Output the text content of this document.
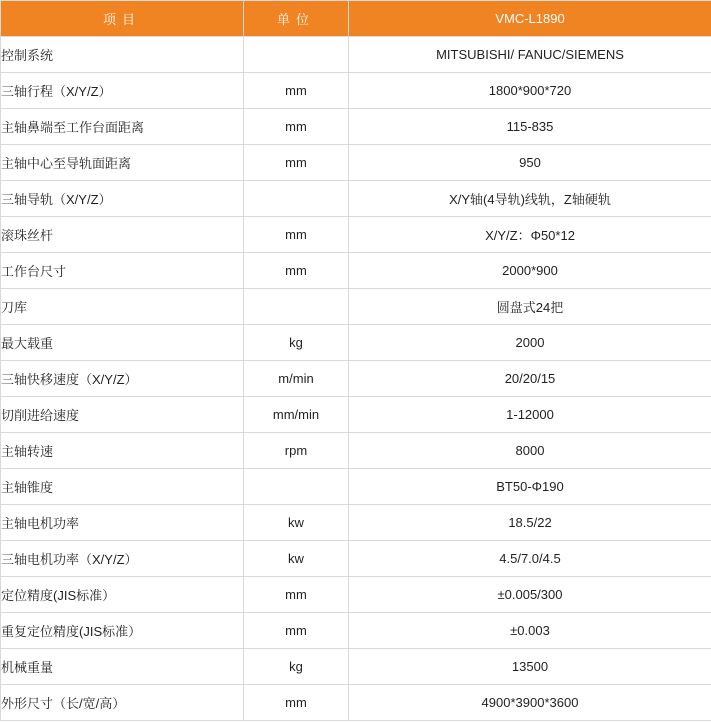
项目	单位	VMC-L1890
控制系统		MITSUBISHI/ FANUC/SIEMENS
三轴行程（X/Y/Z）	mm	1800*900*720
主轴鼻端至工作台面距离	mm	115-835
主轴中心至导轨面距离	mm	950
三轴导轨（X/Y/Z）		X/Y轴(4导轨)线轨，Z轴硬轨
滚珠丝杆	mm	X/Y/Z：Φ50*12
工作台尺寸	mm	2000*900
刀库		圆盘式24把
最大载重	kg	2000
三轴快移速度（X/Y/Z）	m/min	20/20/15
切削进给速度	mm/min	1-12000
主轴转速	rpm	8000
主轴锥度		BT50-Φ190
主轴电机功率	kw	18.5/22
三轴电机功率（X/Y/Z）	kw	4.5/7.0/4.5
定位精度(JIS标准）	mm	±0.005/300
重复定位精度(JIS标准）	mm	±0.003
机械重量	kg	13500
外形尺寸（长/宽/高）	mm	4900*3900*3600
